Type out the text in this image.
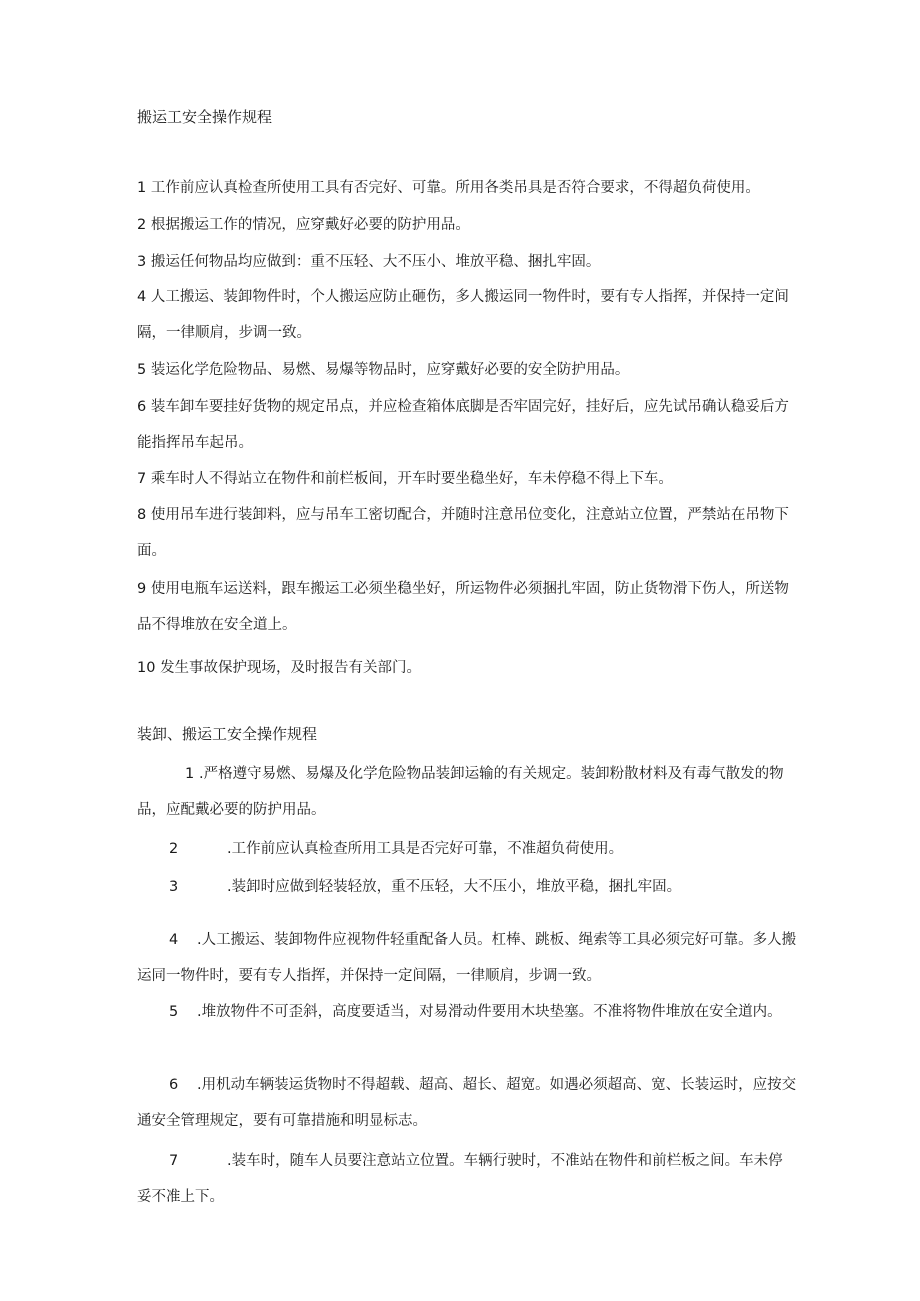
搬运工安全操作规程

1 工作前应认真检查所使用工具有否完好、可靠。所用各类吊具是否符合要求，不得超负荷使用。

2 根据搬运工作的情况，应穿戴好必要的防护用品。

3 搬运任何物品均应做到：重不压轻、大不压小、堆放平稳、捆扎牢固。

4 人工搬运、装卸物件时，个人搬运应防止砸伤，多人搬运同一物件时，要有专人指挥，并保持一定间隔，一律顺肩，步调一致。

5 装运化学危险物品、易燃、易爆等物品时，应穿戴好必要的安全防护用品。

6 装车卸车要挂好货物的规定吊点，并应检查箱体底脚是否牢固完好，挂好后，应先试吊确认稳妥后方能指挥吊车起吊。

7 乘车时人不得站立在物件和前栏板间，开车时要坐稳坐好，车未停稳不得上下车。

8 使用吊车进行装卸料，应与吊车工密切配合，并随时注意吊位变化，注意站立位置，严禁站在吊物下面。

9 使用电瓶车运送料，跟车搬运工必须坐稳坐好，所运物件必须捆扎牢固，防止货物滑下伤人，所送物品不得堆放在安全道上。

10 发生事故保护现场，及时报告有关部门。

装卸、搬运工安全操作规程

1 .严格遵守易燃、易爆及化学危险物品装卸运输的有关规定。装卸粉散材料及有毒气散发的物品，应配戴必要的防护用品。

2	.工作前应认真检查所用工具是否完好可靠，不准超负荷使用。

3	.装卸时应做到轻装轻放，重不压轻，大不压小，堆放平稳，捆扎牢固。

4 .人工搬运、装卸物件应视物件轻重配备人员。杠棒、跳板、绳索等工具必须完好可靠。多人搬运同一物件时，要有专人指挥，并保持一定间隔，一律顺肩，步调一致。

5 .堆放物件不可歪斜，高度要适当，对易滑动件要用木块垫塞。不准将物件堆放在安全道内。

6 .用机动车辆装运货物时不得超载、超高、超长、超宽。如遇必须超高、宽、长装运时，应按交通安全管理规定，要有可靠措施和明显标志。

7	.装车时，随车人员要注意站立位置。车辆行驶时，不准站在物件和前栏板之间。车未停妥不准上下。
